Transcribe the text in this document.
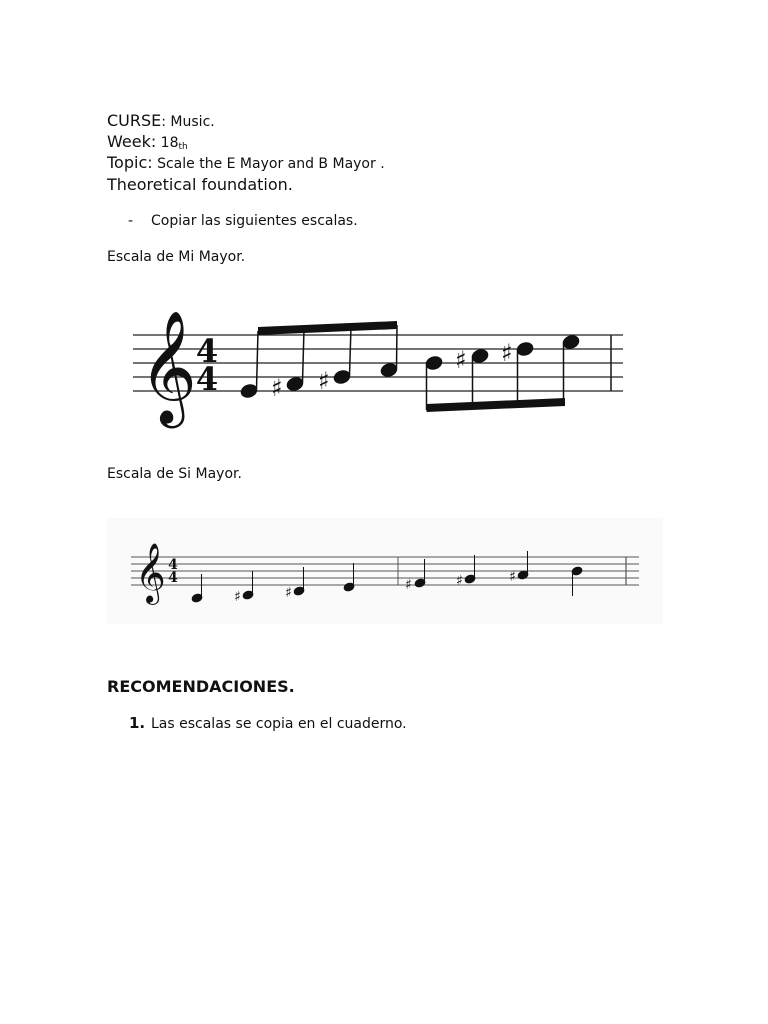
CURSE: Music.
Week: 18th
Topic: Scale the E Mayor and B Mayor .
Theoretical foundation.
- Copiar las siguientes escalas.
Escala de Mi Mayor.
𝄞
4
4 ♯ ♯
♯ ♯
Escala de Si Mayor.
𝄞 4
4
♯	♯	♯	♯	♯
RECOMENDACIONES.
1. Las escalas se copia en el cuaderno.
